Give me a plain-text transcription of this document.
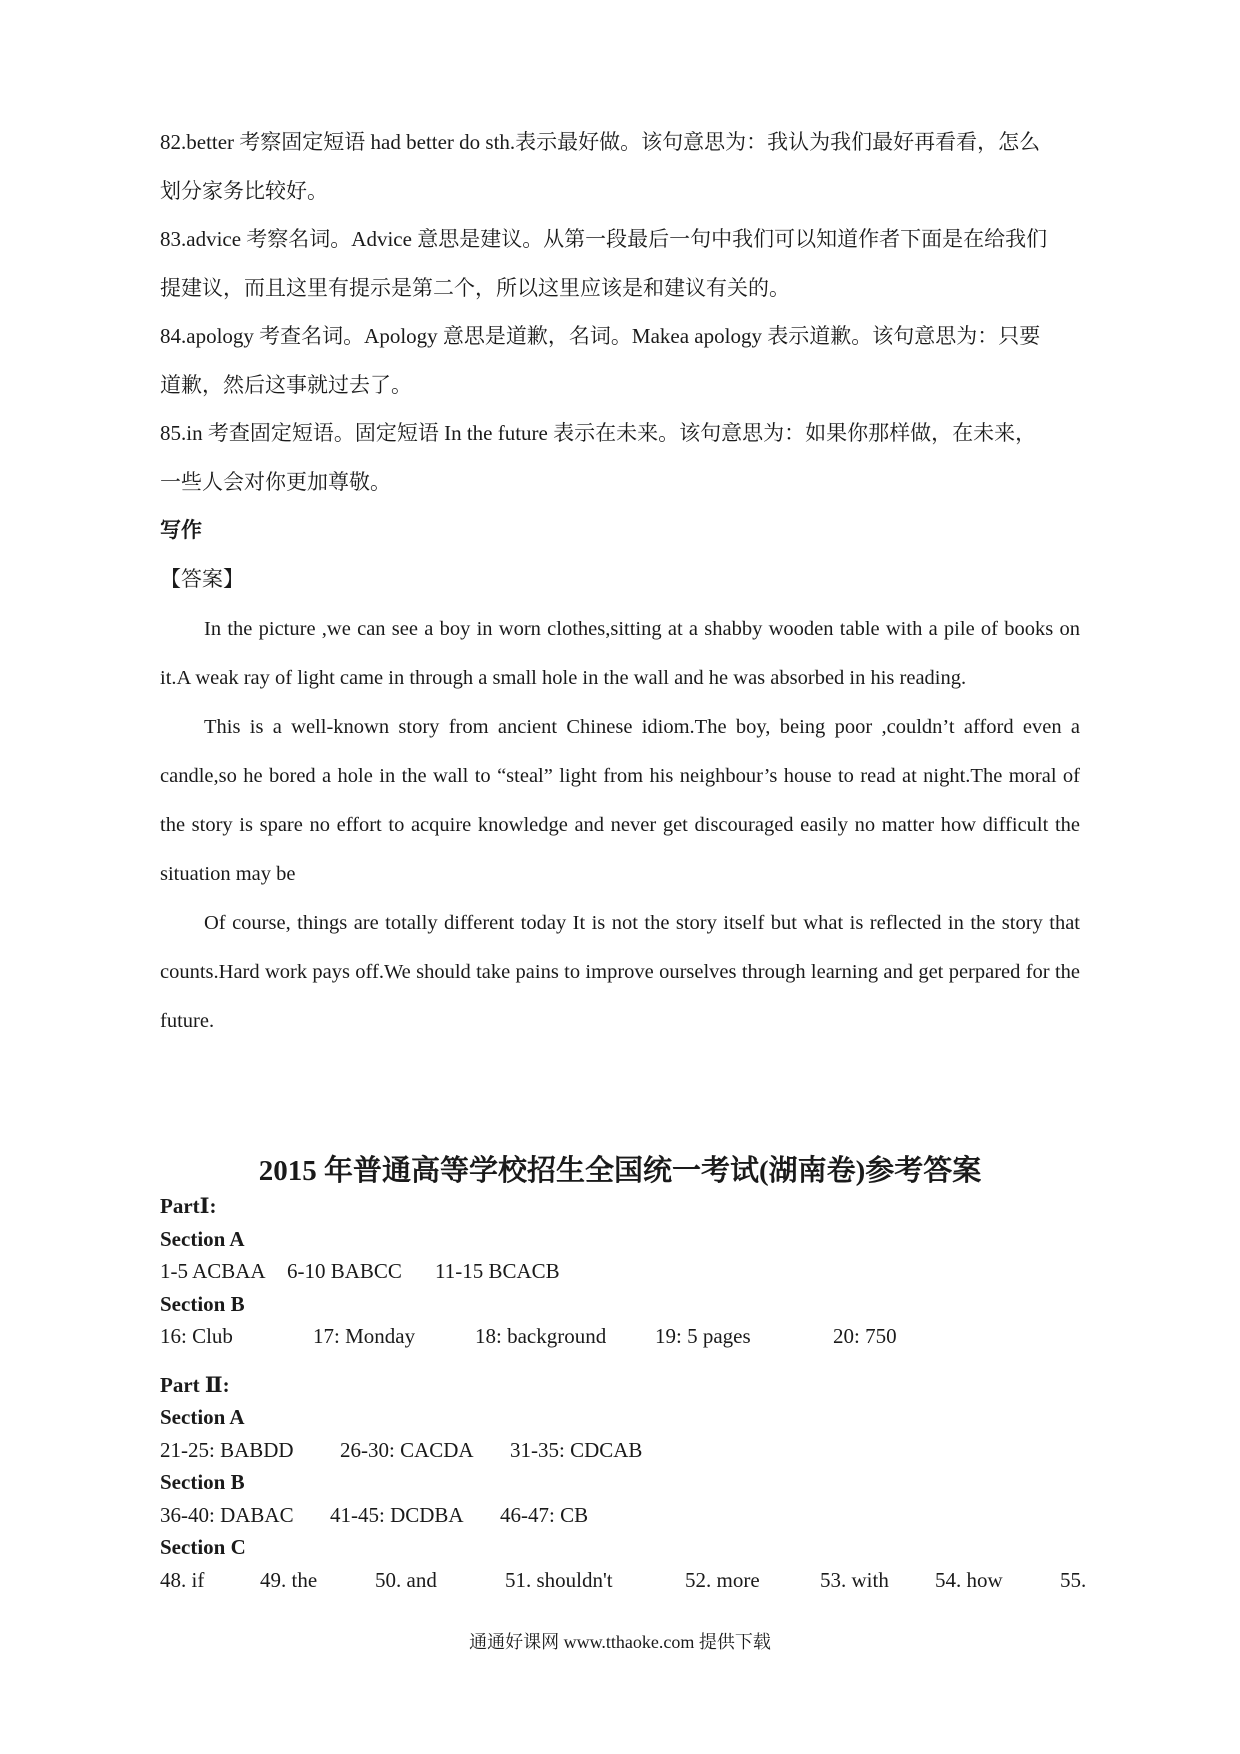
82.better 考察固定短语 had better do sth.表示最好做。该句意思为：我认为我们最好再看看，怎么

划分家务比较好。

83.advice 考察名词。Advice 意思是建议。从第一段最后一句中我们可以知道作者下面是在给我们

提建议，而且这里有提示是第二个，所以这里应该是和建议有关的。

84.apology 考查名词。Apology 意思是道歉，名词。Makea apology 表示道歉。该句意思为：只要

道歉，然后这事就过去了。

85.in 考查固定短语。固定短语 In the future 表示在未来。该句意思为：如果你那样做，在未来，

一些人会对你更加尊敬。

写作

【答案】

In the picture ,we can see a boy in worn clothes,sitting at a shabby wooden table with a pile of books on it.A weak ray of light came in through a small hole in the wall and he was absorbed in his reading.

This is a well-known story from ancient Chinese idiom.The boy, being poor ,couldn’t afford even a candle,so he bored a hole in the wall to “steal” light from his neighbour’s house to read at night.The moral of the story is spare no effort to acquire knowledge and never get discouraged easily no matter how difficult the situation may be

Of course, things are totally different today It is not the story itself but what is reflected in the story that counts.Hard work pays off.We should take pains to improve ourselves through learning and get perpared for the future.

2015 年普通高等学校招生全国统一考试(湖南卷)参考答案
PartⅠ:
Section A
1-5 ACBAA 6-10 BABCC 11-15 BCACB
Section B
16: Club	17: Monday	18: background 19: 5 pages	20: 750
Part Ⅱ:
Section A
21-25: BABDD 26-30: CACDA 31-35: CDCAB
Section B
36-40: DABAC 41-45: DCDBA 46-47: CB
Section C
48. if	49. the	50. and	51. shouldn't	52. more	53. with 54. how	55.
通通好课网 www.tthaoke.com 提供下载
